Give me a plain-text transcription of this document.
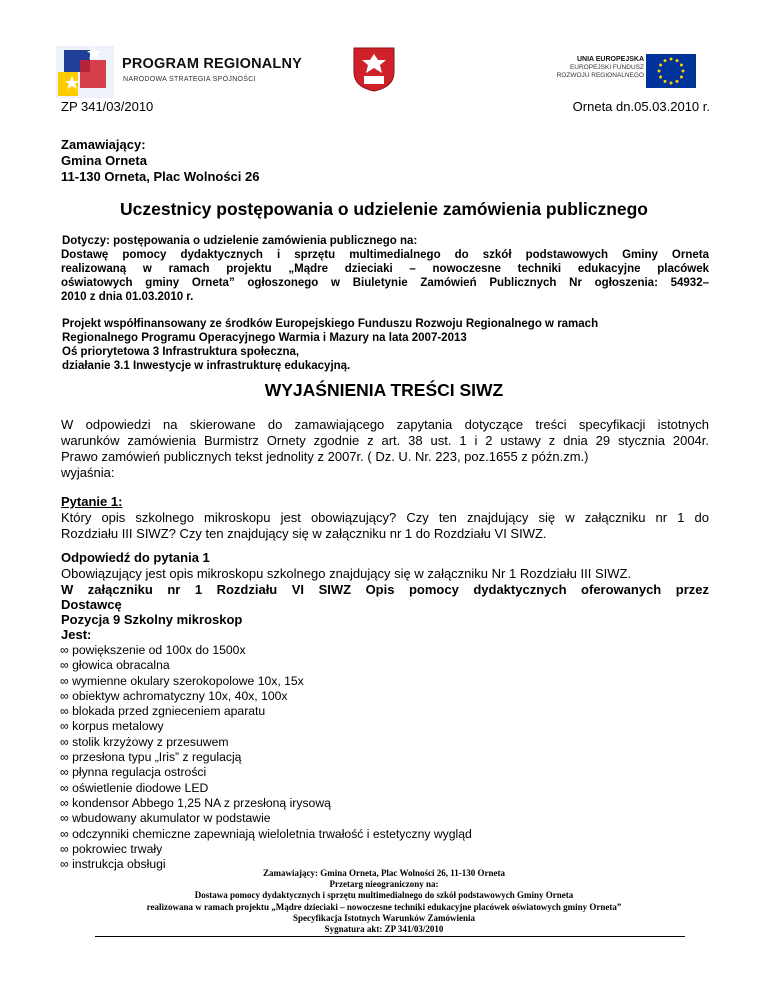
PROGRAM REGIONALNY
NARODOWA STRATEGIA SPÓJNOŚCI
UNIA EUROPEJSKA
EUROPEJSKI FUNDUSZ
ROZWOJU REGIONALNEGO
ZP 341/03/2010	Orneta dn.05.03.2010 r.
Zamawiający:
Gmina Orneta
11-130 Orneta, Plac Wolności 26
Uczestnicy postępowania o udzielenie zamówienia publicznego
Dotyczy: postępowania o udzielenie zamówienia publicznego na:
Dostawę pomocy dydaktycznych i sprzętu multimedialnego do szkół podstawowych Gminy Orneta
realizowaną w ramach projektu „Mądre dzieciaki – nowoczesne techniki edukacyjne placówek
oświatowych gminy Orneta” ogłoszonego w Biuletynie Zamówień Publicznych Nr ogłoszenia: 54932–
2010 z dnia 01.03.2010 r.
Projekt współfinansowany ze środków Europejskiego Funduszu Rozwoju Regionalnego w ramach
Regionalnego Programu Operacyjnego Warmia i Mazury na lata 2007-2013
Oś priorytetowa 3 Infrastruktura społeczna,
działanie 3.1 Inwestycje w infrastrukturę edukacyjną.
WYJAŚNIENIA TREŚCI SIWZ
W odpowiedzi na skierowane do zamawiającego zapytania dotyczące treści specyfikacji istotnych
warunków zamówienia Burmistrz Ornety zgodnie z art. 38 ust. 1 i 2 ustawy z dnia 29 stycznia 2004r.
Prawo zamówień publicznych tekst jednolity z 2007r. ( Dz. U. Nr. 223, poz.1655 z późn.zm.)
wyjaśnia:
Pytanie 1:
Który opis szkolnego mikroskopu jest obowiązujący? Czy ten znajdujący się w załączniku nr 1 do
Rozdziału III SIWZ? Czy ten znajdujący się w załączniku nr 1 do Rozdziału VI SIWZ.
Odpowiedź do pytania 1
Obowiązujący jest opis mikroskopu szkolnego znajdujący się w załączniku Nr 1 Rozdziału III SIWZ.
W załączniku nr 1 Rozdziału VI SIWZ Opis pomocy dydaktycznych oferowanych przez
Dostawcę
Pozycja 9 Szkolny mikroskop
Jest:
∞ powiększenie od 100x do 1500x
∞ głowica obracalna
∞ wymienne okulary szerokopolowe 10x, 15x
∞ obiektyw achromatyczny 10x, 40x, 100x
∞ blokada przed zgnieceniem aparatu
∞ korpus metalowy
∞ stolik krzyżowy z przesuwem
∞ przesłona typu „Iris” z regulacją
∞ płynna regulacja ostrości
∞ oświetlenie diodowe LED
∞ kondensor Abbego 1,25 NA z przesłoną irysową
∞ wbudowany akumulator w podstawie
∞ odczynniki chemiczne zapewniają wieloletnia trwałość i estetyczny wygląd
∞ pokrowiec trwały
∞ instrukcja obsługi
Zamawiający: Gmina Orneta, Plac Wolności 26, 11-130 Orneta
Przetarg nieograniczony na:
Dostawa pomocy dydaktycznych i sprzętu multimedialnego do szkół podstawowych Gminy Orneta
realizowana w ramach projektu „Mądre dzieciaki – nowoczesne techniki edukacyjne placówek oświatowych gminy Orneta”
Specyfikacja Istotnych Warunków Zamówienia
Sygnatura akt: ZP 341/03/2010
